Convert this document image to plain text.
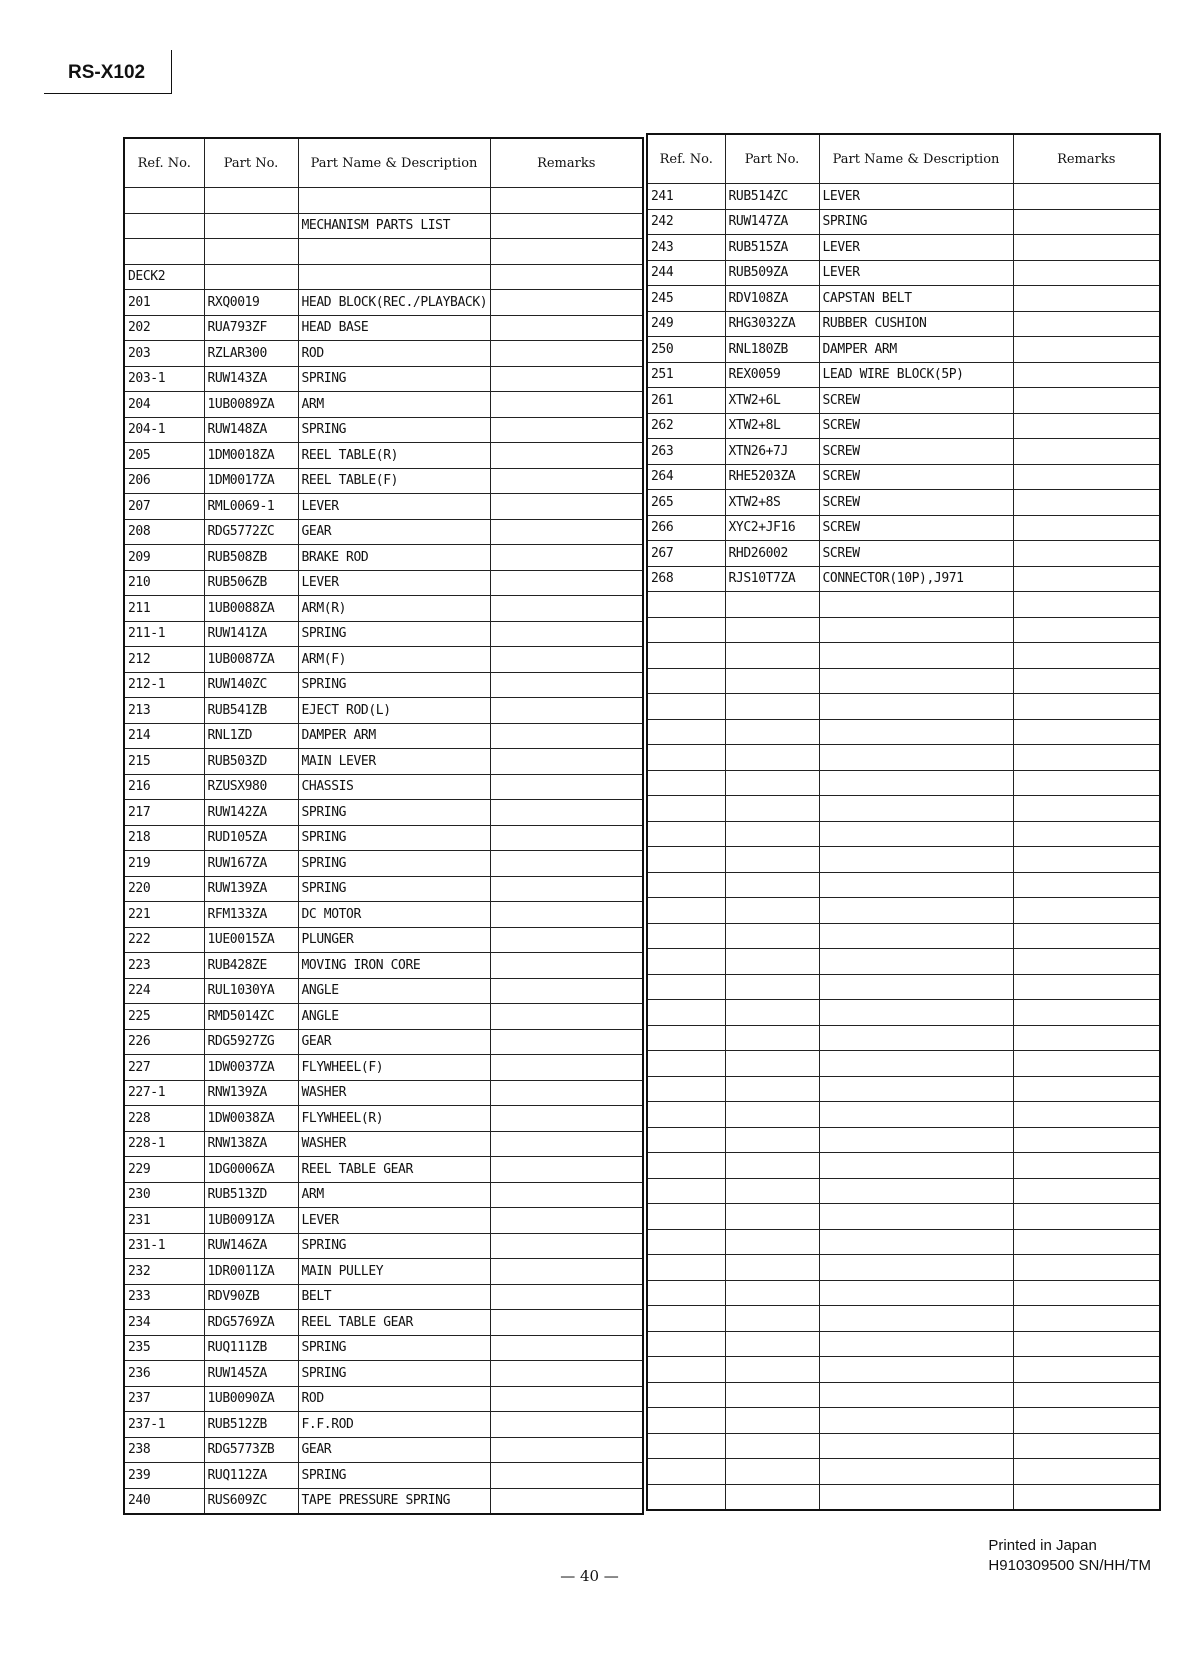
RS-X102
Ref. No.	Part No.	Part Name & Description	Remarks

		MECHANISM PARTS LIST	

DECK2			
201	RXQ0019	HEAD BLOCK(REC./PLAYBACK)	
202	RUA793ZF	HEAD BASE	
203	RZLAR300	ROD	
203-1	RUW143ZA	SPRING	
204	1UB0089ZA	ARM	
204-1	RUW148ZA	SPRING	
205	1DM0018ZA	REEL TABLE(R)	
206	1DM0017ZA	REEL TABLE(F)	
207	RML0069-1	LEVER	
208	RDG5772ZC	GEAR	
209	RUB508ZB	BRAKE ROD	
210	RUB506ZB	LEVER	
211	1UB0088ZA	ARM(R)	
211-1	RUW141ZA	SPRING	
212	1UB0087ZA	ARM(F)	
212-1	RUW140ZC	SPRING	
213	RUB541ZB	EJECT ROD(L)	
214	RNL1ZD	DAMPER ARM	
215	RUB503ZD	MAIN LEVER	
216	RZUSX980	CHASSIS	
217	RUW142ZA	SPRING	
218	RUD105ZA	SPRING	
219	RUW167ZA	SPRING	
220	RUW139ZA	SPRING	
221	RFM133ZA	DC MOTOR	
222	1UE0015ZA	PLUNGER	
223	RUB428ZE	MOVING IRON CORE	
224	RUL1030YA	ANGLE	
225	RMD5014ZC	ANGLE	
226	RDG5927ZG	GEAR	
227	1DW0037ZA	FLYWHEEL(F)	
227-1	RNW139ZA	WASHER	
228	1DW0038ZA	FLYWHEEL(R)	
228-1	RNW138ZA	WASHER	
229	1DG0006ZA	REEL TABLE GEAR	
230	RUB513ZD	ARM	
231	1UB0091ZA	LEVER	
231-1	RUW146ZA	SPRING	
232	1DR0011ZA	MAIN PULLEY	
233	RDV90ZB	BELT	
234	RDG5769ZA	REEL TABLE GEAR	
235	RUQ111ZB	SPRING	
236	RUW145ZA	SPRING	
237	1UB0090ZA	ROD	
237-1	RUB512ZB	F.F.ROD	
238	RDG5773ZB	GEAR	
239	RUQ112ZA	SPRING	
240	RUS609ZC	TAPE PRESSURE SPRING	
Ref. No.	Part No.	Part Name & Description	Remarks
241	RUB514ZC	LEVER	
242	RUW147ZA	SPRING	
243	RUB515ZA	LEVER	
244	RUB509ZA	LEVER	
245	RDV108ZA	CAPSTAN BELT	
249	RHG3032ZA	RUBBER CUSHION	
250	RNL180ZB	DAMPER ARM	
251	REX0059	LEAD WIRE BLOCK(5P)	
261	XTW2+6L	SCREW	
262	XTW2+8L	SCREW	
263	XTN26+7J	SCREW	
264	RHE5203ZA	SCREW	
265	XTW2+8S	SCREW	
266	XYC2+JF16	SCREW	
267	RHD26002	SCREW	
268	RJS10T7ZA	CONNECTOR(10P),J971	

Printed in Japan
H910309500 SN/HH/TM
— 40 —
